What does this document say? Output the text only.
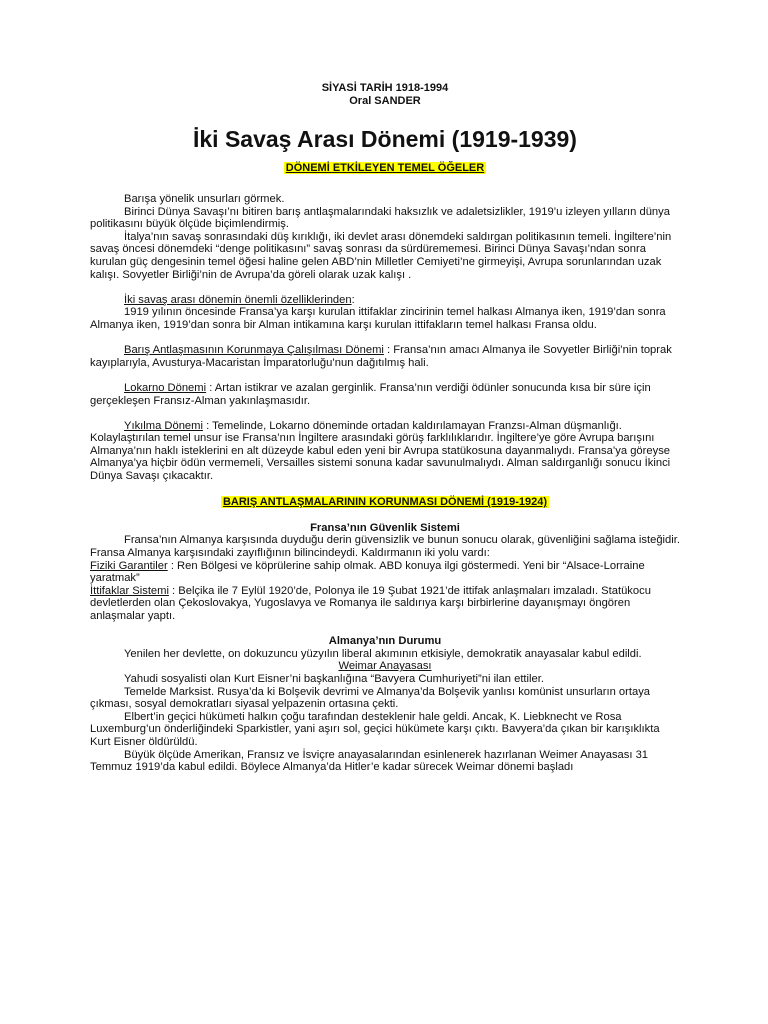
SİYASİ TARİH 1918-1994
Oral SANDER
İki Savaş Arası Dönemi (1919-1939)
DÖNEMİ ETKİLEYEN TEMEL ÖĞELER

Barışa yönelik unsurları görmek.

Birinci Dünya Savaşı’nı bitiren barış antlaşmalarındaki haksızlık ve adaletsizlikler, 1919’u izleyen yılların dünya politikasını büyük ölçüde biçimlendirmiş.

İtalya’nın savaş sonrasındaki düş kırıklığı, iki devlet arası dönemdeki saldırgan politikasının temeli. İngiltere’nin savaş öncesi dönemdeki “denge politikasını” savaş sonrası da sürdürememesi. Birinci Dünya Savaşı’ndan sonra kurulan güç dengesinin temel öğesi haline gelen ABD’nin Milletler Cemiyeti’ne girmeyişi, Avrupa sorunlarından uzak kalışı. Sovyetler Birliği’nin de Avrupa’da göreli olarak uzak kalışı .

İki savaş arası dönemin önemli özelliklerinden:

1919 yılının öncesinde Fransa’ya karşı kurulan ittifaklar zincirinin temel halkası Almanya iken, 1919’dan sonra Almanya iken, 1919’dan sonra bir Alman intikamına karşı kurulan ittifakların temel halkası Fransa oldu.

Barış Antlaşmasının Korunmaya Çalışılması Dönemi : Fransa’nın amacı Almanya ile Sovyetler Birliği’nin toprak kayıplarıyla, Avusturya-Macaristan İmparatorluğu’nun dağıtılmış hali.

Lokarno Dönemi : Artan istikrar ve azalan gerginlik. Fransa’nın verdiği ödünler sonucunda kısa bir süre için gerçekleşen Fransız-Alman yakınlaşmasıdır.

Yıkılma Dönemi : Temelinde, Lokarno döneminde ortadan kaldırılamayan Franzsı-Alman düşmanlığı. Kolaylaştırılan temel unsur ise Fransa’nın İngiltere arasındaki görüş farklılıklarıdır. İngiltere’ye göre Avrupa barışını Almanya’nın haklı isteklerini en alt düzeyde kabul eden yeni bir Avrupa statükosuna dayanmalıydı. Fransa’ya göreyse Almanya’ya hiçbir ödün vermemeli, Versailles sistemi sonuna kadar savunulmalıydı. Alman saldırganlığı sonucu İkinci Dünya Savaşı çıkacaktır.

BARIŞ ANTLAŞMALARININ KORUNMASI DÖNEMİ (1919-1924)
Fransa’nın Güvenlik Sistemi

Fransa’nın Almanya karşısında duyduğu derin güvensizlik ve bunun sonucu olarak, güvenliğini sağlama isteğidir. Fransa Almanya karşısındaki zayıflığının bilincindeydi. Kaldırmanın iki yolu vardı:

Fiziki Garantiler : Ren Bölgesi ve köprülerine sahip olmak. ABD konuya ilgi göstermedi. Yeni bir “Alsace-Lorraine yaratmak”

İttifaklar Sistemi : Belçika ile 7 Eylül 1920’de, Polonya ile 19 Şubat 1921’de ittifak anlaşmaları imzaladı. Statükocu devletlerden olan Çekoslovakya, Yugoslavya ve Romanya ile saldırıya karşı birbirlerine dayanışmayı öngören anlaşmalar yaptı.

Almanya’nın Durumu

Yenilen her devlette, on dokuzuncu yüzyılın liberal akımının etkisiyle, demokratik anayasalar kabul edildi.

Weimar Anayasası

Yahudi sosyalisti olan Kurt Eisner’ni başkanlığına “Bavyera Cumhuriyeti”ni ilan ettiler.

Temelde Marksist. Rusya’da ki Bolşevik devrimi ve Almanya’da Bolşevik yanlısı komünist unsurların ortaya çıkması, sosyal demokratları siyasal yelpazenin ortasına çekti.

Elbert’in geçici hükümeti halkın çoğu tarafından desteklenir hale geldi. Ancak, K. Liebknecht ve Rosa Luxemburg’un önderliğindeki Sparkistler, yani aşırı sol, geçici hükümete karşı çıktı. Bavyera’da çıkan bir karışıklıkta Kurt Eisner öldürüldü.

Büyük ölçüde Amerikan, Fransız ve İsviçre anayasalarından esinlenerek hazırlanan Weimer Anayasası 31 Temmuz 1919’da kabul edildi. Böylece Almanya’da Hitler’e kadar sürecek Weimar dönemi başladı
